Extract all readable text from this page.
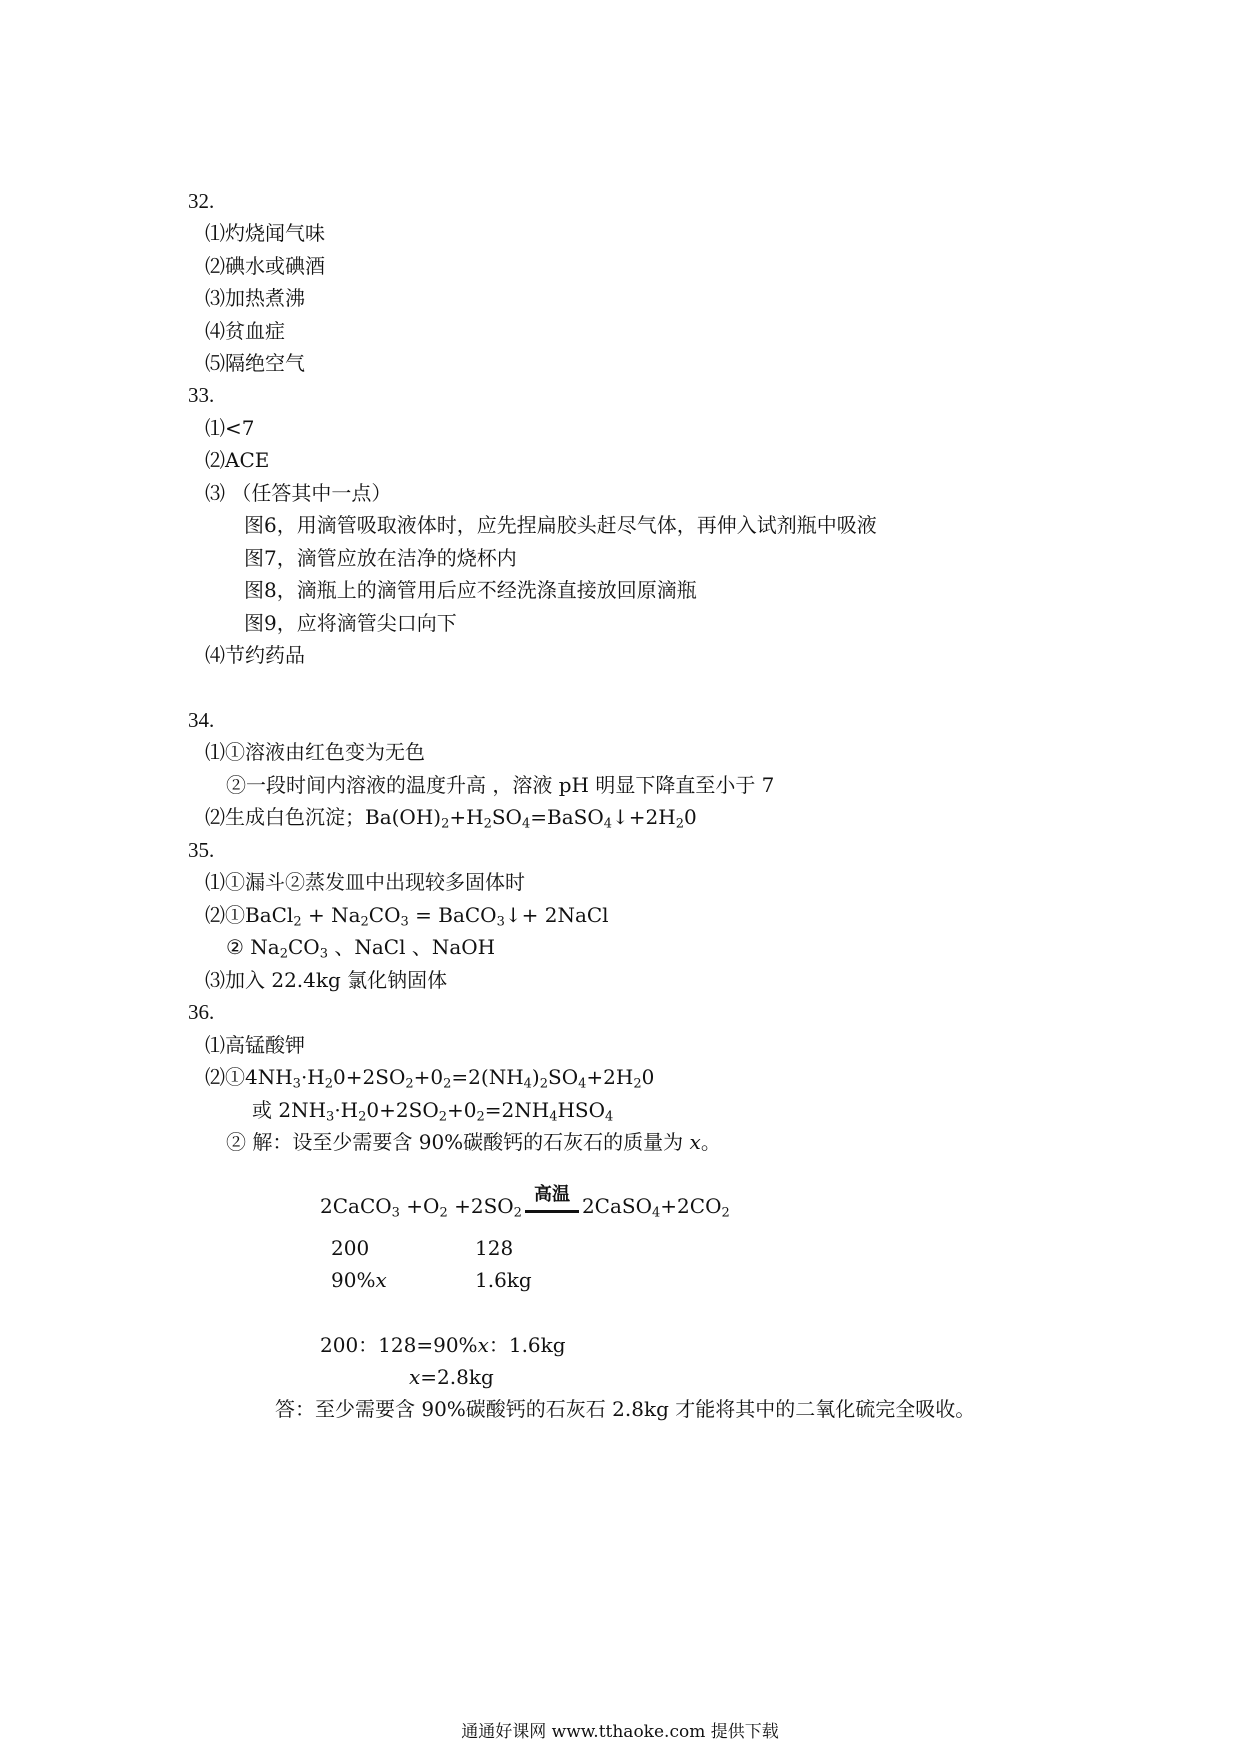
32.
⑴灼烧闻气味
⑵碘水或碘酒
⑶加热煮沸
⑷贫血症
⑸隔绝空气
33.
⑴<7
⑵ACE
⑶ （任答其中一点）
图6，用滴管吸取液体时，应先捏扁胶头赶尽气体，再伸入试剂瓶中吸液
图7，滴管应放在洁净的烧杯内
图8，滴瓶上的滴管用后应不经洗涤直接放回原滴瓶
图9，应将滴管尖口向下
⑷节约药品
34.
⑴①溶液由红色变为无色
②一段时间内溶液的温度升高 ，溶液 pH 明显下降直至小于 7
⑵生成白色沉淀；$Ba(OH)_2+H_2SO_4=BaSO_4↓+2H_20$
35.
⑴①漏斗②蒸发皿中出现较多固体时
⑵①BaCl$_2$ + $Na_2CO_3$ = BaCO$_3$↓+ 2NaCl
② $Na_2CO_3$ 、NaCl 、NaOH
⑶加入 22.4kg 氯化钠固体
36.
⑴高锰酸钾
$⑵①4NH_3\cdot H_20+2SO_2+0_2=2(NH_4)_2SO_4+2H_20$
或 $2NH_3\cdot H_20+2SO_2+0_2=2NH_4HSO_4$
② 解：设至少需要含 90%碳酸钙的石灰石的质量为 x。
2CaCO$_3$ $+O_2 +2SO_2$
高温 $2CaSO_4+2CO_2$
200	128
90%x	1.6kg
200：128=90%x：1.6kg
x=2.8kg
答：至少需要含 90%碳酸钙的石灰石 2.8kg 才能将其中的二氧化硫完全吸收。
通通好课网 www.tthaoke.com 提供下载
